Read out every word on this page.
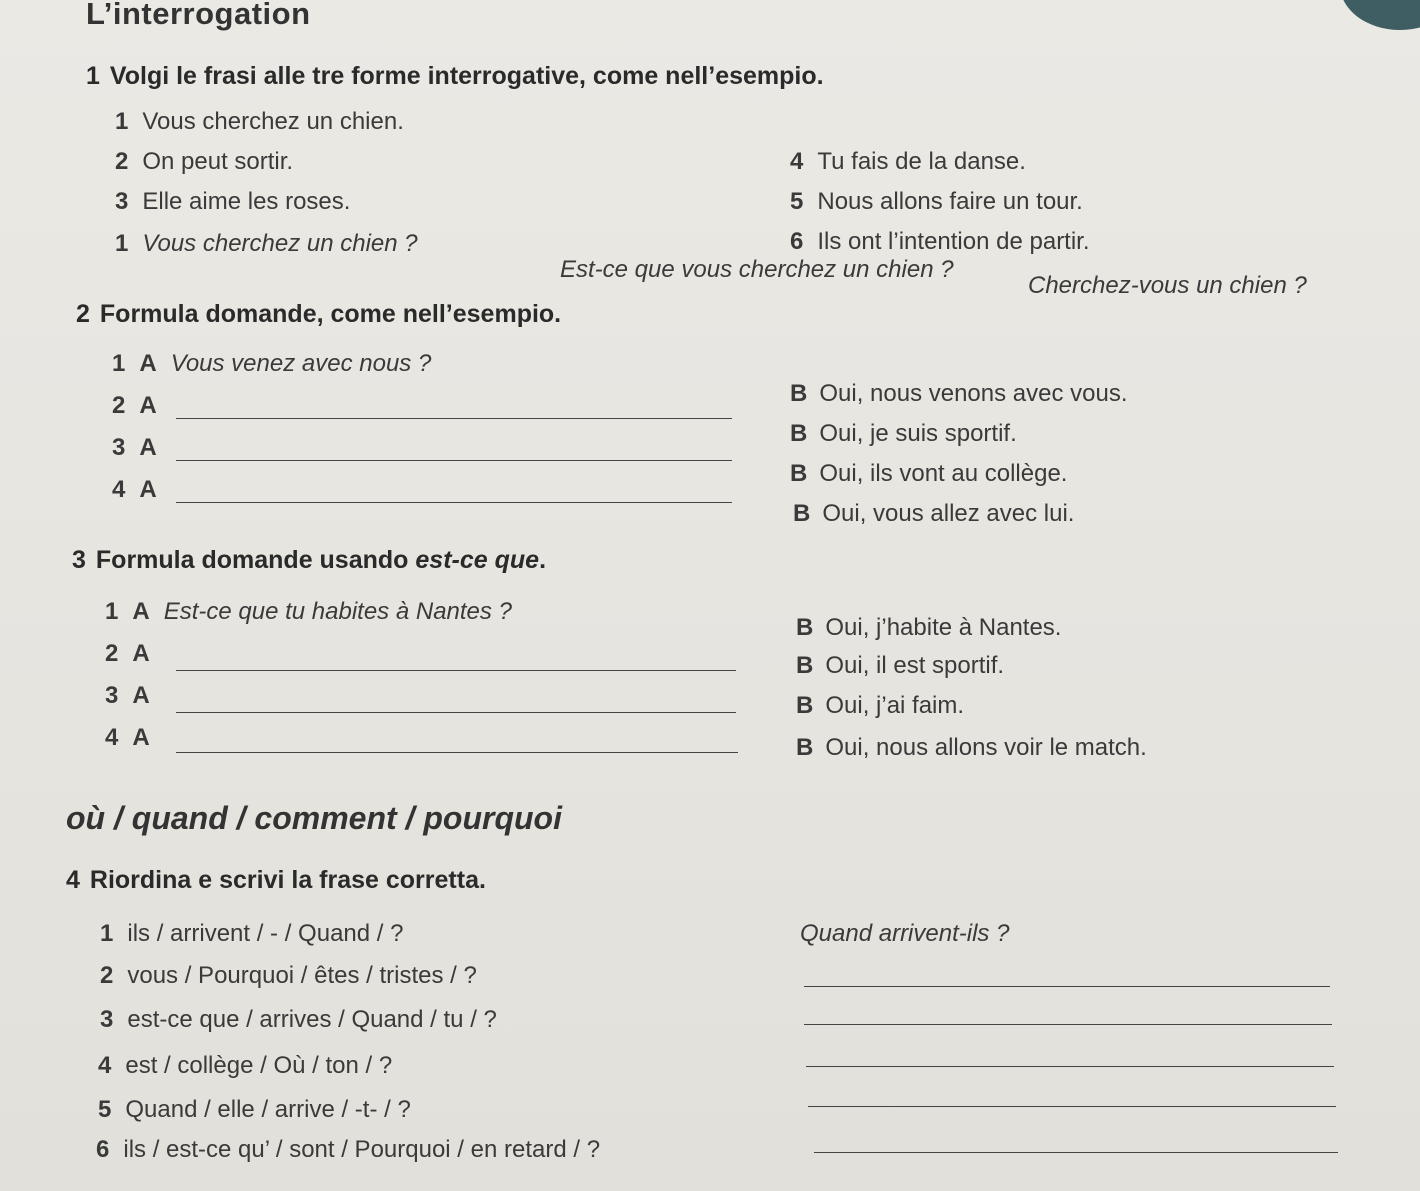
L’interrogation
1 Volgi le frasi alle tre forme interrogative, come nell’esempio.
1 Vous cherchez un chien.
2 On peut sortir.
3 Elle aime les roses.
4 Tu fais de la danse.
5 Nous allons faire un tour.
6 Ils ont l’intention de partir.
1 Vous cherchez un chien ?
Est-ce que vous cherchez un chien ?
Cherchez-vous un chien ?
2 Formula domande, come nell’esempio.
1 A Vous venez avec nous ?
2 A
3 A
4 A
B Oui, nous venons avec vous.
B Oui, je suis sportif.
B Oui, ils vont au collège.
B Oui, vous allez avec lui.
3 Formula domande usando est-ce que.
1 A Est-ce que tu habites à Nantes ?
2 A
3 A
4 A
B Oui, j’habite à Nantes.
B Oui, il est sportif.
B Oui, j’ai faim.
B Oui, nous allons voir le match.
où / quand / comment / pourquoi
4 Riordina e scrivi la frase corretta.
1 ils / arrivent / - / Quand / ?	Quand arrivent-ils ?
2 vous / Pourquoi / êtes / tristes / ?
3 est-ce que / arrives / Quand / tu / ?
4 est / collège / Où / ton / ?
5 Quand / elle / arrive / -t- / ?
6 ils / est-ce qu’ / sont / Pourquoi / en retard / ?
